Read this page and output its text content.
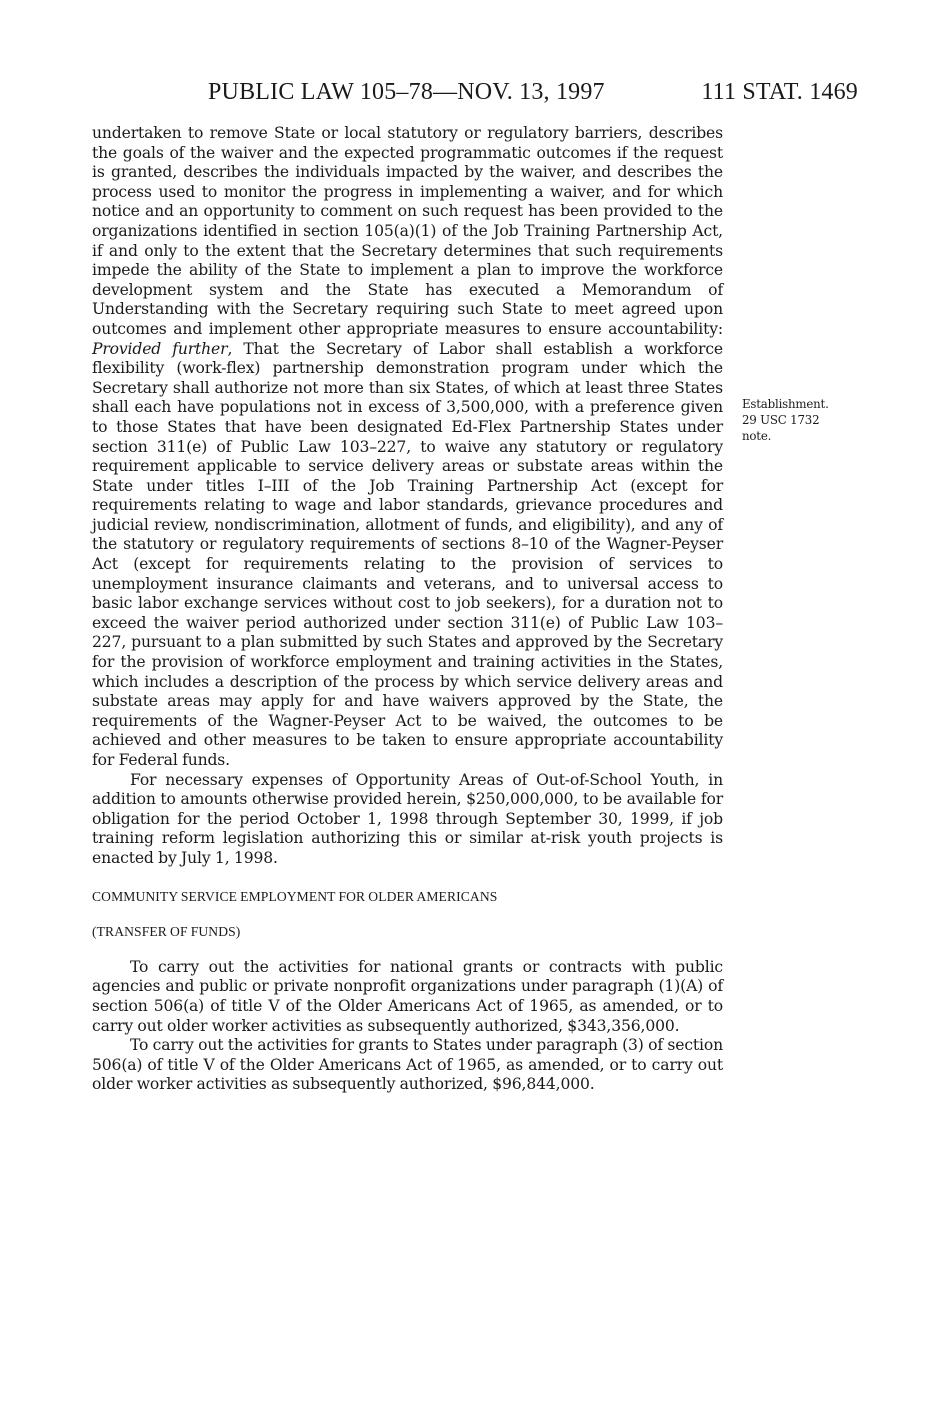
PUBLIC LAW 105–78—NOV. 13, 1997	111 STAT. 1469
Establishment.
29 USC 1732
note.

undertaken to remove State or local statutory or regulatory barriers, describes the goals of the waiver and the expected programmatic outcomes if the request is granted, describes the individuals impacted by the waiver, and describes the process used to monitor the progress in implementing a waiver, and for which notice and an opportunity to comment on such request has been provided to the organizations identified in section 105(a)(1) of the Job Training Partnership Act, if and only to the extent that the Secretary determines that such requirements impede the ability of the State to implement a plan to improve the workforce development system and the State has executed a Memorandum of Understanding with the Secretary requiring such State to meet agreed upon outcomes and implement other appropriate measures to ensure accountability: Provided further, That the Secretary of Labor shall establish a workforce flexibility (work-flex) partnership demonstration program under which the Secretary shall authorize not more than six States, of which at least three States shall each have populations not in excess of 3,500,000, with a preference given to those States that have been designated Ed-Flex Partnership States under section 311(e) of Public Law 103–227, to waive any statutory or regulatory requirement applicable to service delivery areas or substate areas within the State under titles I–III of the Job Training Partnership Act (except for requirements relating to wage and labor standards, grievance procedures and judicial review, nondiscrimination, allotment of funds, and eligibility), and any of the statutory or regulatory requirements of sections 8–10 of the Wagner-Peyser Act (except for requirements relating to the provision of services to unemployment insurance claimants and veterans, and to universal access to basic labor exchange services without cost to job seekers), for a duration not to exceed the waiver period authorized under section 311(e) of Public Law 103–227, pursuant to a plan submitted by such States and approved by the Secretary for the provision of workforce employment and training activities in the States, which includes a description of the process by which service delivery areas and substate areas may apply for and have waivers approved by the State, the requirements of the Wagner-Peyser Act to be waived, the outcomes to be achieved and other measures to be taken to ensure appropriate accountability for Federal funds.

For necessary expenses of Opportunity Areas of Out-of-School Youth, in addition to amounts otherwise provided herein, $250,000,000, to be available for obligation for the period October 1, 1998 through September 30, 1999, if job training reform legislation authorizing this or similar at-risk youth projects is enacted by July 1, 1998.

COMMUNITY SERVICE EMPLOYMENT FOR OLDER AMERICANS

(TRANSFER OF FUNDS)

To carry out the activities for national grants or contracts with public agencies and public or private nonprofit organizations under paragraph (1)(A) of section 506(a) of title V of the Older Americans Act of 1965, as amended, or to carry out older worker activities as subsequently authorized, $343,356,000.

To carry out the activities for grants to States under paragraph (3) of section 506(a) of title V of the Older Americans Act of 1965, as amended, or to carry out older worker activities as subsequently authorized, $96,844,000.
